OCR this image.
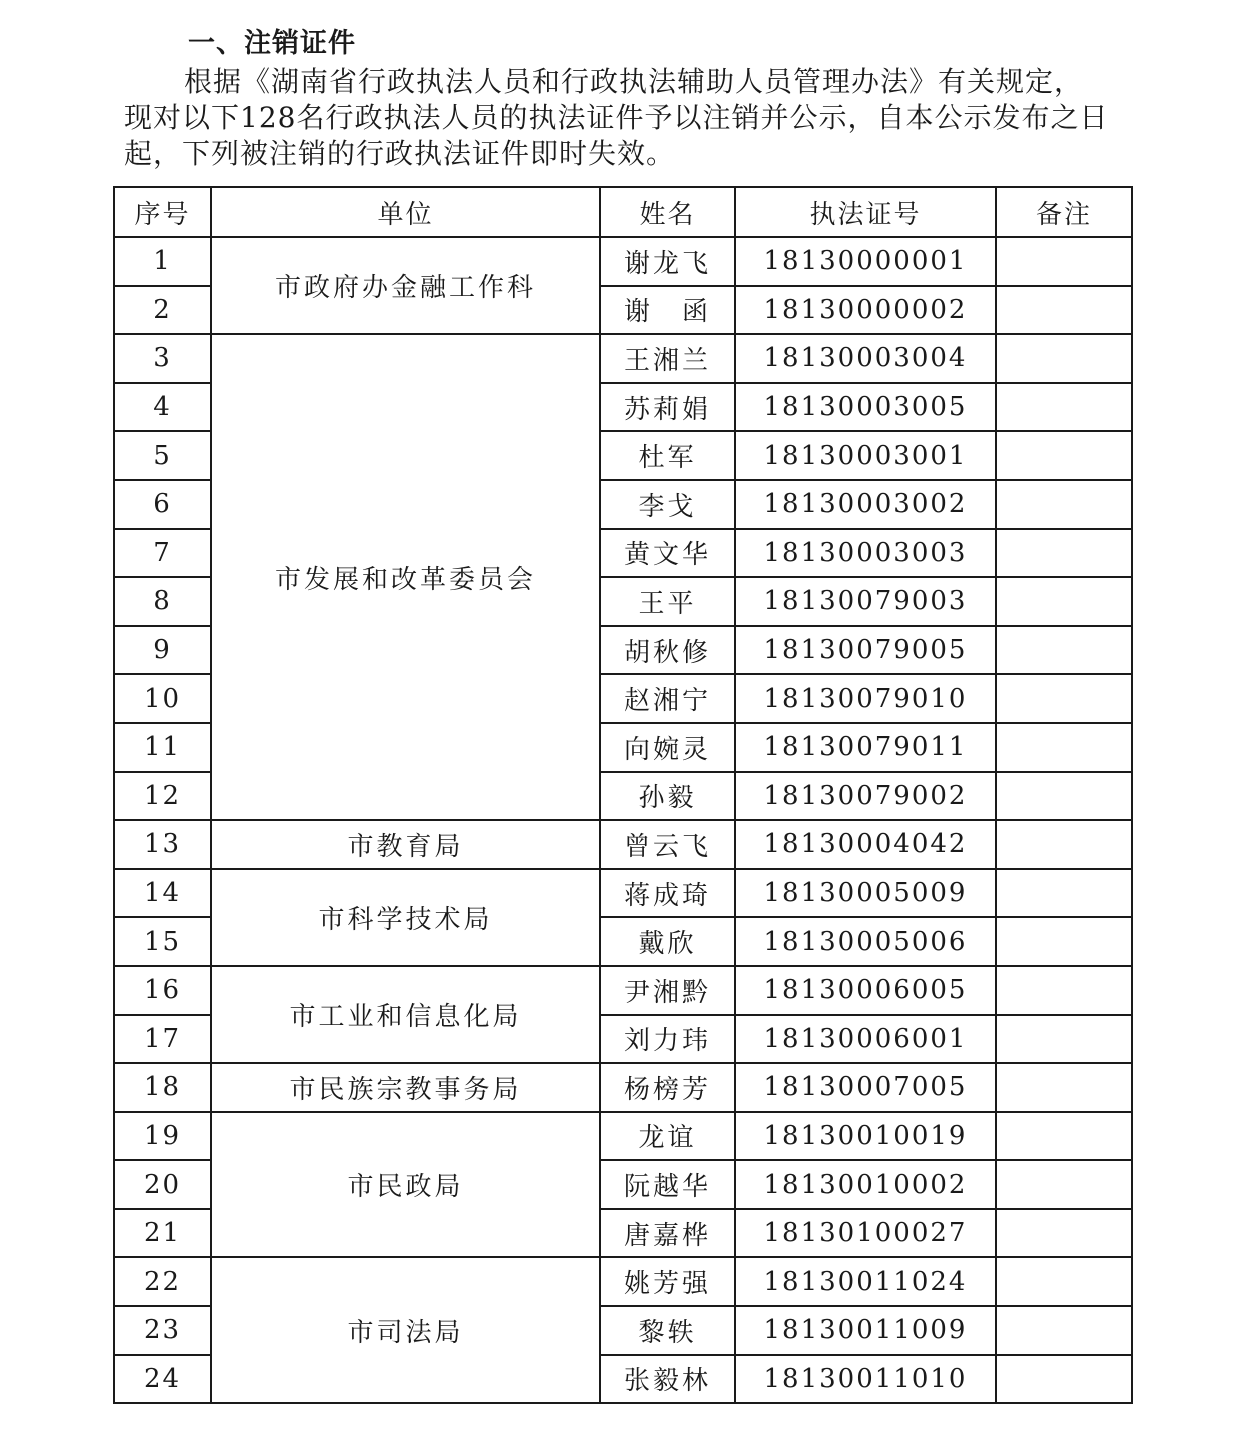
一、注销证件

根据《湖南省行政执法人员和行政执法辅助人员管理办法》有关规定，
现对以下128名行政执法人员的执法证件予以注销并公示，自本公示发布之日
起，下列被注销的行政执法证件即时失效。

序号	单位	姓名	执法证号	备注
1	市政府办金融工作科	谢龙飞	18130000001	
2		谢　函	18130000002	
3	市发展和改革委员会	王湘兰	18130003004	
4		苏莉娟	18130003005	
5		杜军	18130003001	
6		李戈	18130003002	
7		黄文华	18130003003	
8		王平	18130079003	
9		胡秋修	18130079005	
10		赵湘宁	18130079010	
11		向婉灵	18130079011	
12		孙毅	18130079002	
13	市教育局	曾云飞	18130004042	
14	市科学技术局	蒋成琦	18130005009	
15		戴欣	18130005006	
16	市工业和信息化局	尹湘黔	18130006005	
17		刘力玮	18130006001	
18	市民族宗教事务局	杨榜芳	18130007005	
19	市民政局	龙谊	18130010019	
20		阮越华	18130010002	
21		唐嘉桦	18130100027	
22	市司法局	姚芳强	18130011024	
23		黎轶	18130011009	
24		张毅林	18130011010	
